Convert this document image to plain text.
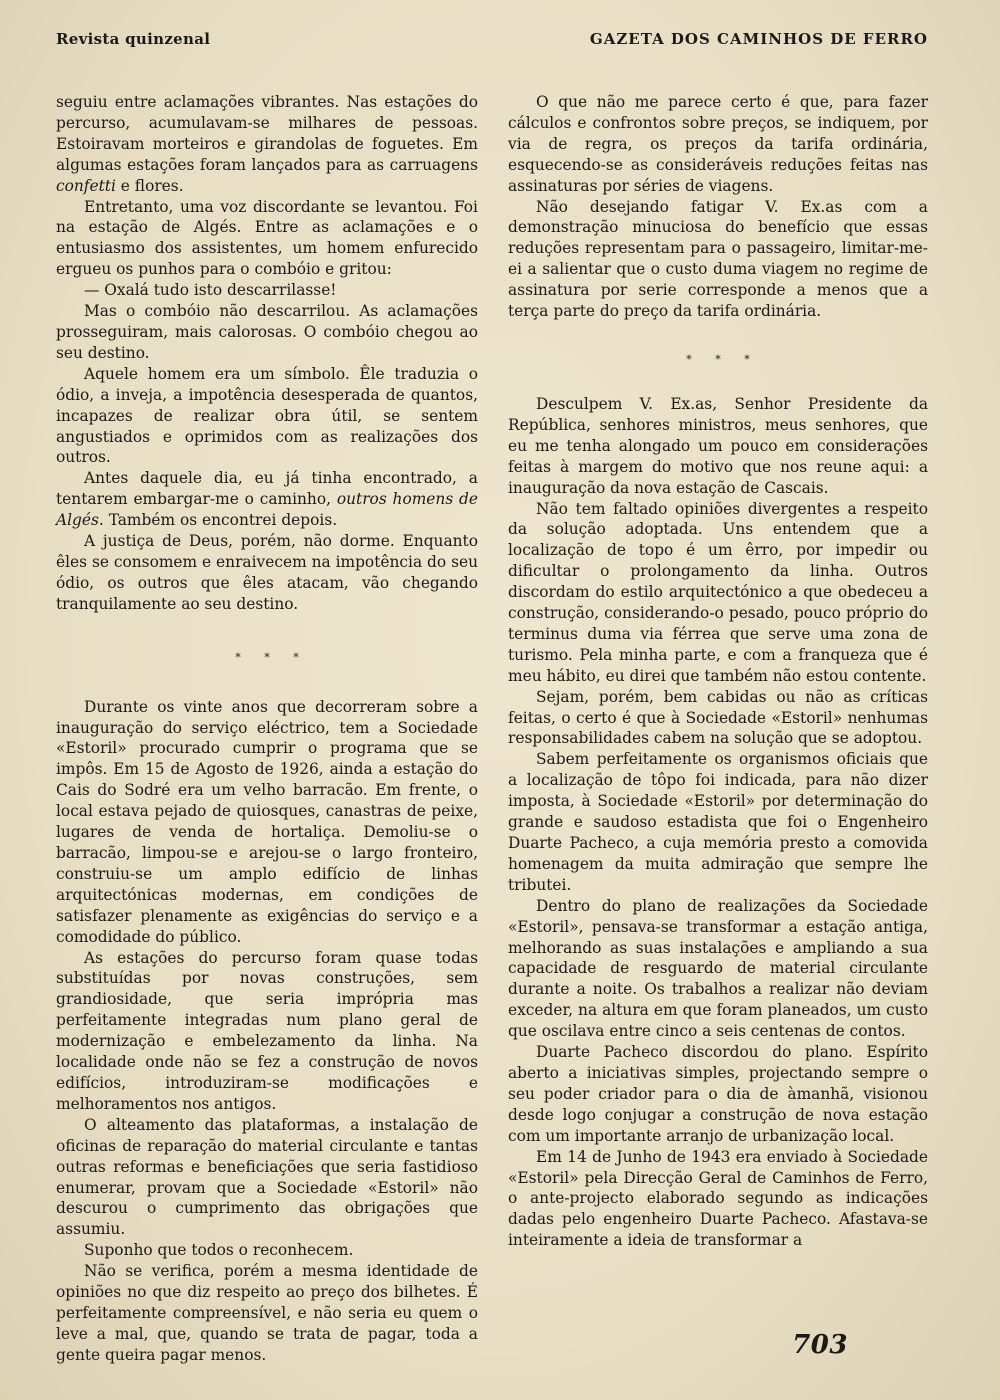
Revista quinzenal	GAZETA DOS CAMINHOS DE FERRO

seguiu entre aclamações vibrantes. Nas estações do percurso, acumulavam-se milhares de pessoas. Estoiravam morteiros e girandolas de foguetes. Em algumas estações foram lançados para as carruagens confetti e flores.

Entretanto, uma voz discordante se levantou. Foi na estação de Algés. Entre as aclamações e o entusiasmo dos assistentes, um homem enfurecido ergueu os punhos para o combóio e gritou:

— Oxalá tudo isto descarrilasse!

Mas o combóio não descarrilou. As aclamações prosseguiram, mais calorosas. O combóio chegou ao seu destino.

Aquele homem era um símbolo. Êle traduzia o ódio, a inveja, a impotência desesperada de quantos, incapazes de realizar obra útil, se sentem angustiados e oprimidos com as realizações dos outros.

Antes daquele dia, eu já tinha encontrado, a tentarem embargar-me o caminho, outros homens de Algés. Também os encontrei depois.

A justiça de Deus, porém, não dorme. Enquanto êles se consomem e enraivecem na impotência do seu ódio, os outros que êles atacam, vão chegando tranquilamente ao seu destino.

* * *

Durante os vinte anos que decorreram sobre a inauguração do serviço eléctrico, tem a Sociedade «Estoril» procurado cumprir o programa que se impôs. Em 15 de Agosto de 1926, ainda a estação do Cais do Sodré era um velho barracão. Em frente, o local estava pejado de quiosques, canastras de peixe, lugares de venda de hortaliça. Demoliu-se o barracão, limpou-se e arejou-se o largo fronteiro, construiu-se um amplo edifício de linhas arquitectónicas modernas, em condições de satisfazer plenamente as exigências do serviço e a comodidade do público.

As estações do percurso foram quase todas substituídas por novas construções, sem grandiosidade, que seria imprópria mas perfeitamente integradas num plano geral de modernização e embelezamento da linha. Na localidade onde não se fez a construção de novos edifícios, introduziram-se modificações e melhoramentos nos antigos.

O alteamento das plataformas, a instalação de oficinas de reparação do material circulante e tantas outras reformas e beneficiações que seria fastidioso enumerar, provam que a Sociedade «Estoril» não descurou o cumprimento das obrigações que assumiu.

Suponho que todos o reconhecem.

Não se verifica, porém a mesma identidade de opiniões no que diz respeito ao preço dos bilhetes. É perfeitamente compreensível, e não seria eu quem o leve a mal, que, quando se trata de pagar, toda a gente queira pagar menos.

O que não me parece certo é que, para fazer cálculos e confrontos sobre preços, se indiquem, por via de regra, os preços da tarifa ordinária, esquecendo-se as consideráveis reduções feitas nas assinaturas por séries de viagens.

Não desejando fatigar V. Ex.as com a demonstração minuciosa do benefício que essas reduções representam para o passageiro, limitar-me-ei a salientar que o custo duma viagem no regime de assinatura por serie corresponde a menos que a terça parte do preço da tarifa ordinária.

* * *

Desculpem V. Ex.as, Senhor Presidente da República, senhores ministros, meus senhores, que eu me tenha alongado um pouco em considerações feitas à margem do motivo que nos reune aqui: a inauguração da nova estação de Cascais.

Não tem faltado opiniões divergentes a respeito da solução adoptada. Uns entendem que a localização de topo é um êrro, por impedir ou dificultar o prolongamento da linha. Outros discordam do estilo arquitectónico a que obedeceu a construção, considerando-o pesado, pouco próprio do terminus duma via férrea que serve uma zona de turismo. Pela minha parte, e com a franqueza que é meu hábito, eu direi que também não estou contente.

Sejam, porém, bem cabidas ou não as críticas feitas, o certo é que à Sociedade «Estoril» nenhumas responsabilidades cabem na solução que se adoptou.

Sabem perfeitamente os organismos oficiais que a localização de tôpo foi indicada, para não dizer imposta, à Sociedade «Estoril» por determinação do grande e saudoso estadista que foi o Engenheiro Duarte Pacheco, a cuja memória presto a comovida homenagem da muita admiração que sempre lhe tributei.

Dentro do plano de realizações da Sociedade «Estoril», pensava-se transformar a estação antiga, melhorando as suas instalações e ampliando a sua capacidade de resguardo de material circulante durante a noite. Os trabalhos a realizar não deviam exceder, na altura em que foram planeados, um custo que oscilava entre cinco a seis centenas de contos.

Duarte Pacheco discordou do plano. Espírito aberto a iniciativas simples, projectando sempre o seu poder criador para o dia de àmanhã, visionou desde logo conjugar a construção de nova estação com um importante arranjo de urbanização local.

Em 14 de Junho de 1943 era enviado à Sociedade «Estoril» pela Direcção Geral de Caminhos de Ferro, o ante-projecto elaborado segundo as indicações dadas pelo engenheiro Duarte Pacheco. Afastava-se inteiramente a ideia de transformar a

703
